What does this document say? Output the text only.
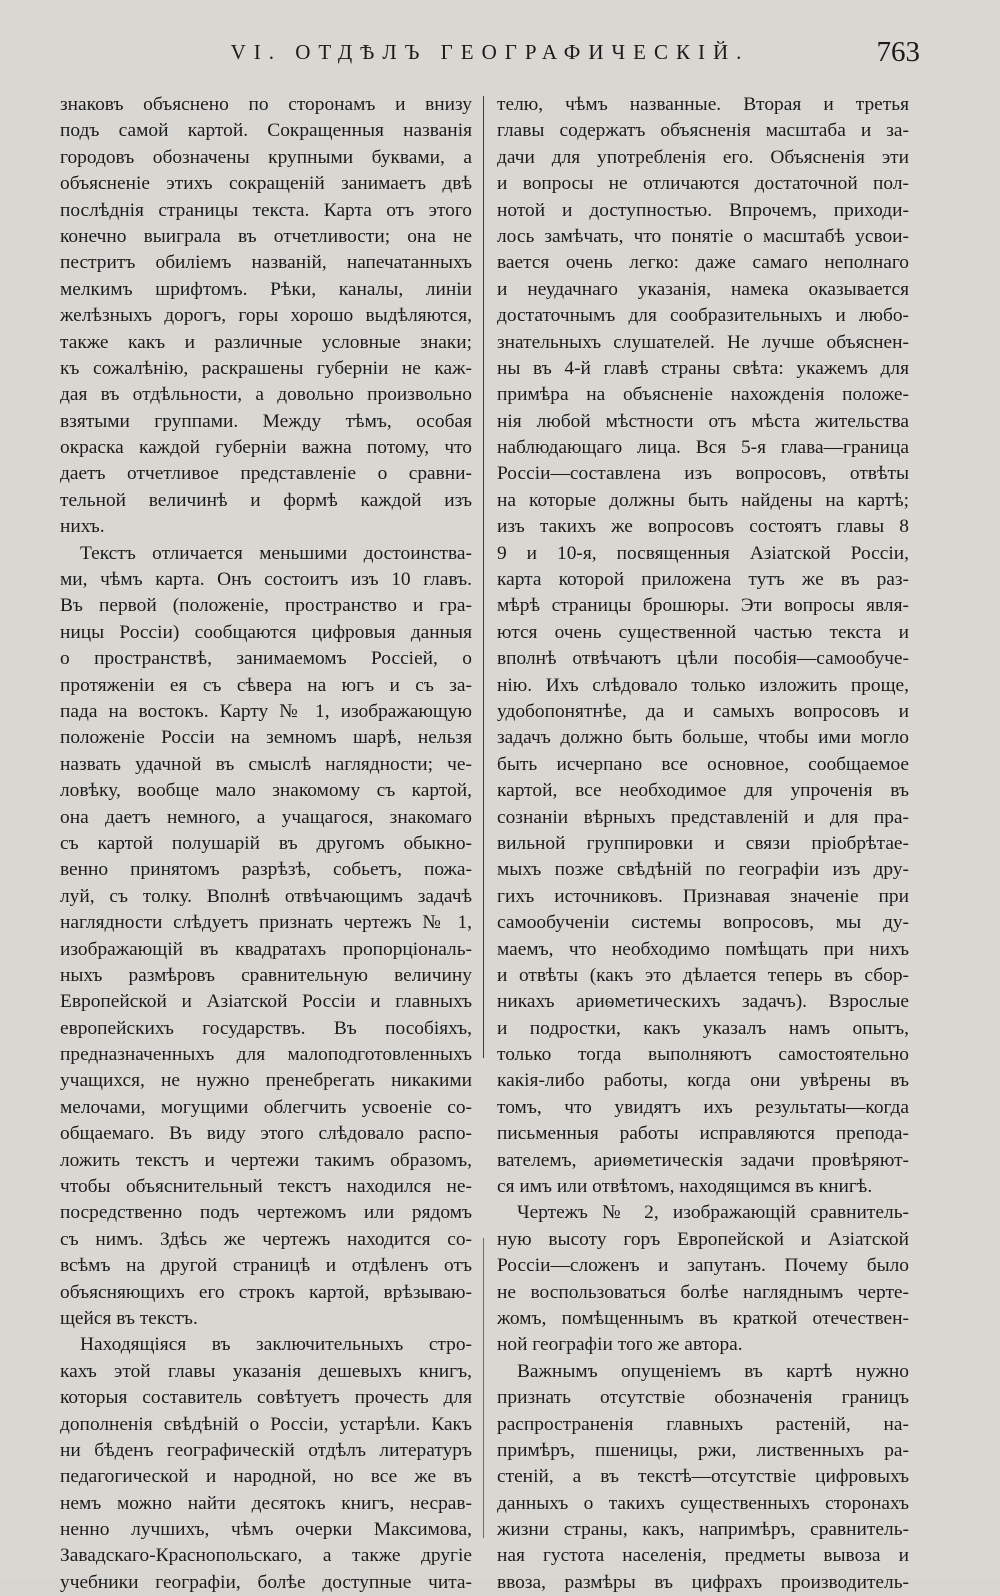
VI. ОТДѢЛЪ ГЕОГРАФИЧЕСКІЙ.	763
знаковъ объяснено по сторонамъ и внизу
подъ самой картой. Сокращенныя названія
городовъ обозначены крупными буквами, а
объясненіе этихъ сокращеній занимаетъ двѣ
послѣднія страницы текста. Карта отъ этого
конечно выиграла въ отчетливости; она не
пестритъ обиліемъ названій, напечатанныхъ
мелкимъ шрифтомъ. Рѣки, каналы, линіи
желѣзныхъ дорогъ, горы хорошо выдѣляются,
также какъ и различные условные знаки;
къ сожалѣнію, раскрашены губерніи не каж-
дая въ отдѣльности, а довольно произвольно
взятыми группами. Между тѣмъ, особая
окраска каждой губерніи важна потому, что
даетъ отчетливое представленіе о сравни-
тельной величинѣ и формѣ каждой изъ
нихъ.
Текстъ отличается меньшими достоинства-
ми, чѣмъ карта. Онъ состоитъ изъ 10 главъ.
Въ первой (положеніе, пространство и гра-
ницы Россіи) сообщаются цифровыя данныя
о пространствѣ, занимаемомъ Россіей, о
протяженіи ея съ сѣвера на югъ и съ за-
пада на востокъ. Карту № 1, изображающую
положеніе Россіи на земномъ шарѣ, нельзя
назвать удачной въ смыслѣ наглядности; че-
ловѣку, вообще мало знакомому съ картой,
она даетъ немного, а учащагося, знакомаго
съ картой полушарій въ другомъ обыкно-
венно принятомъ разрѣзѣ, собьетъ, пожа-
луй, съ толку. Вполнѣ отвѣчающимъ задачѣ
наглядности слѣдуетъ признать чертежъ № 1,
изображающій въ квадратахъ пропорціональ-
ныхъ размѣровъ сравнительную величину
Европейской и Азіатской Россіи и главныхъ
европейскихъ государствъ. Въ пособіяхъ,
предназначенныхъ для малоподготовленныхъ
учащихся, не нужно пренебрегать никакими
мелочами, могущими облегчить усвоеніе со-
общаемаго. Въ виду этого слѣдовало распо-
ложить текстъ и чертежи такимъ образомъ,
чтобы объяснительный текстъ находился не-
посредственно подъ чертежомъ или рядомъ
съ нимъ. Здѣсь же чертежъ находится со-
всѣмъ на другой страницѣ и отдѣленъ отъ
объясняющихъ его строкъ картой, врѣзываю-
щейся въ текстъ.
Находящіяся въ заключительныхъ стро-
кахъ этой главы указанія дешевыхъ книгъ,
которыя составитель совѣтуетъ прочесть для
дополненія свѣдѣній о Россіи, устарѣли. Какъ
ни бѣденъ географическій отдѣлъ литературъ
педагогической и народной, но все же въ
немъ можно найти десятокъ книгъ, несрав-
ненно лучшихъ, чѣмъ очерки Максимова,
Завадскаго-Краснопольскаго, а также другіе
учебники географіи, болѣе доступные чита-
телю, чѣмъ названные. Вторая и третья
главы содержатъ объясненія масштаба и за-
дачи для употребленія его. Объясненія эти
и вопросы не отличаются достаточной пол-
нотой и доступностью. Впрочемъ, приходи-
лось замѣчать, что понятіе о масштабѣ усвои-
вается очень легко: даже самаго неполнаго
и неудачнаго указанія, намека оказывается
достаточнымъ для сообразительныхъ и любо-
знательныхъ слушателей. Не лучше объяснен-
ны въ 4-й главѣ страны свѣта: укажемъ для
примѣра на объясненіе нахожденія положе-
нія любой мѣстности отъ мѣста жительства
наблюдающаго лица. Вся 5-я глава—граница
Россіи—составлена изъ вопросовъ, отвѣты
на которые должны быть найдены на картѣ;
изъ такихъ же вопросовъ состоятъ главы 8
9 и 10-я, посвященныя Азіатской Россіи,
карта которой приложена тутъ же въ раз-
мѣрѣ страницы брошюры. Эти вопросы явля-
ются очень существенной частью текста и
вполнѣ отвѣчаютъ цѣли пособія—самообуче-
нію. Ихъ слѣдовало только изложить проще,
удобопонятнѣе, да и самыхъ вопросовъ и
задачъ должно быть больше, чтобы ими могло
быть исчерпано все основное, сообщаемое
картой, все необходимое для упроченія въ
сознаніи вѣрныхъ представленій и для пра-
вильной группировки и связи пріобрѣтае-
мыхъ позже свѣдѣній по географіи изъ дру-
гихъ источниковъ. Признавая значеніе при
самообученіи системы вопросовъ, мы ду-
маемъ, что необходимо помѣщать при нихъ
и отвѣты (какъ это дѣлается теперь въ сбор-
никахъ ариѳметическихъ задачъ). Взрослые
и подростки, какъ указалъ намъ опытъ,
только тогда выполняютъ самостоятельно
какія-либо работы, когда они увѣрены въ
томъ, что увидятъ ихъ результаты—когда
письменныя работы исправляются препода-
вателемъ, ариѳметическія задачи провѣряют-
ся имъ или отвѣтомъ, находящимся въ книгѣ.
Чертежъ № 2, изображающій сравнитель-
ную высоту горъ Европейской и Азіатской
Россіи—сложенъ и запутанъ. Почему было
не воспользоваться болѣе нагляднымъ черте-
жомъ, помѣщеннымъ въ краткой отечествен-
ной географіи того же автора.
Важнымъ опущеніемъ въ картѣ нужно
признать отсутствіе обозначенія границъ
распространенія главныхъ растеній, на-
примѣръ, пшеницы, ржи, лиственныхъ ра-
стеній, а въ текстѣ—отсутствіе цифровыхъ
данныхъ о такихъ существенныхъ сторонахъ
жизни страны, какъ, напримѣръ, сравнитель-
ная густота населенія, предметы вывоза и
ввоза, размѣры въ цифрахъ производитель-
